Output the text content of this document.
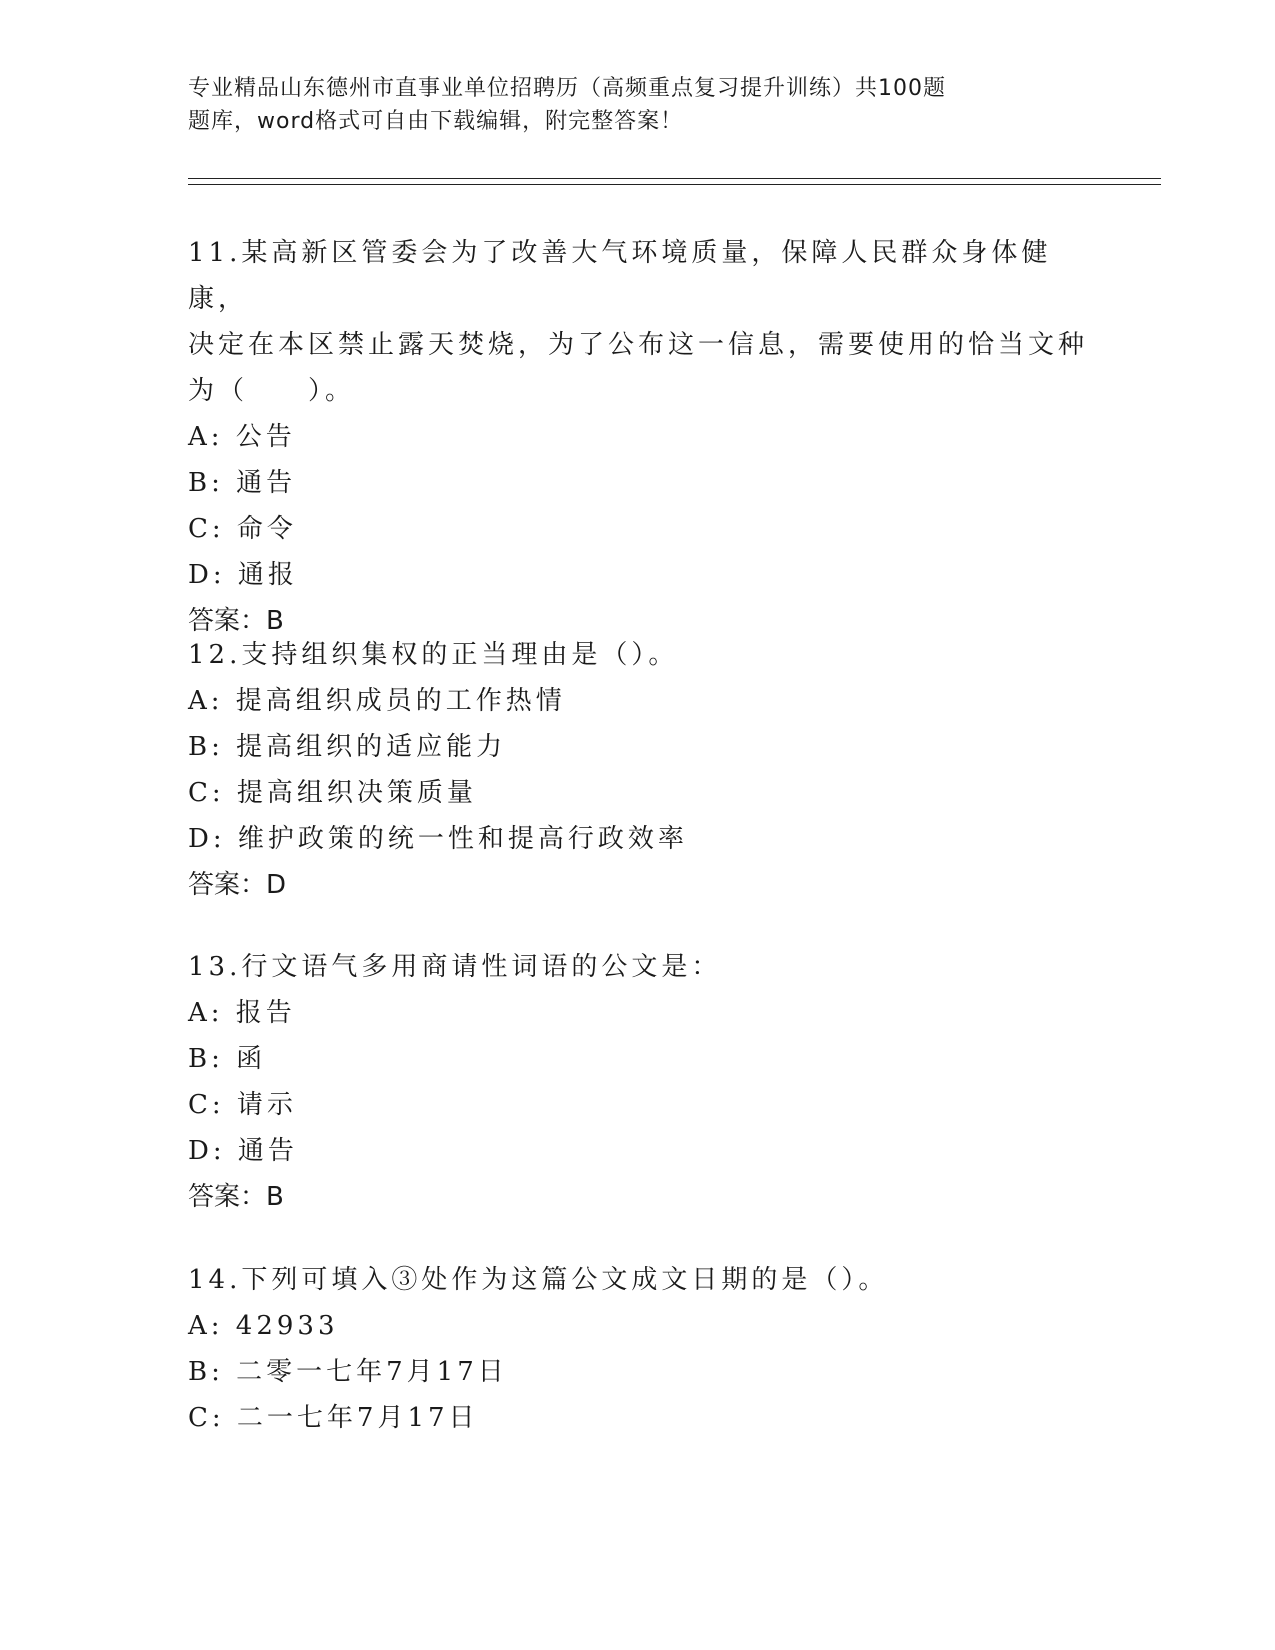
专业精品山东德州市直事业单位招聘历（高频重点复习提升训练）共100题
题库，word格式可自由下载编辑，附完整答案！
11.某高新区管委会为了改善大气环境质量，保障人民群众身体健康，
决定在本区禁止露天焚烧，为了公布这一信息，需要使用的恰当文种
为（　　）。
A: 公告
B: 通告
C: 命令
D: 通报
答案：B
12.支持组织集权的正当理由是（）。
A: 提高组织成员的工作热情
B: 提高组织的适应能力
C: 提高组织决策质量
D: 维护政策的统一性和提高行政效率
答案：D
13.行文语气多用商请性词语的公文是：
A: 报告
B: 函
C: 请示
D: 通告
答案：B
14.下列可填入③处作为这篇公文成文日期的是（）。
A: 42933
B: 二零一七年7月17日
C: 二一七年7月17日
